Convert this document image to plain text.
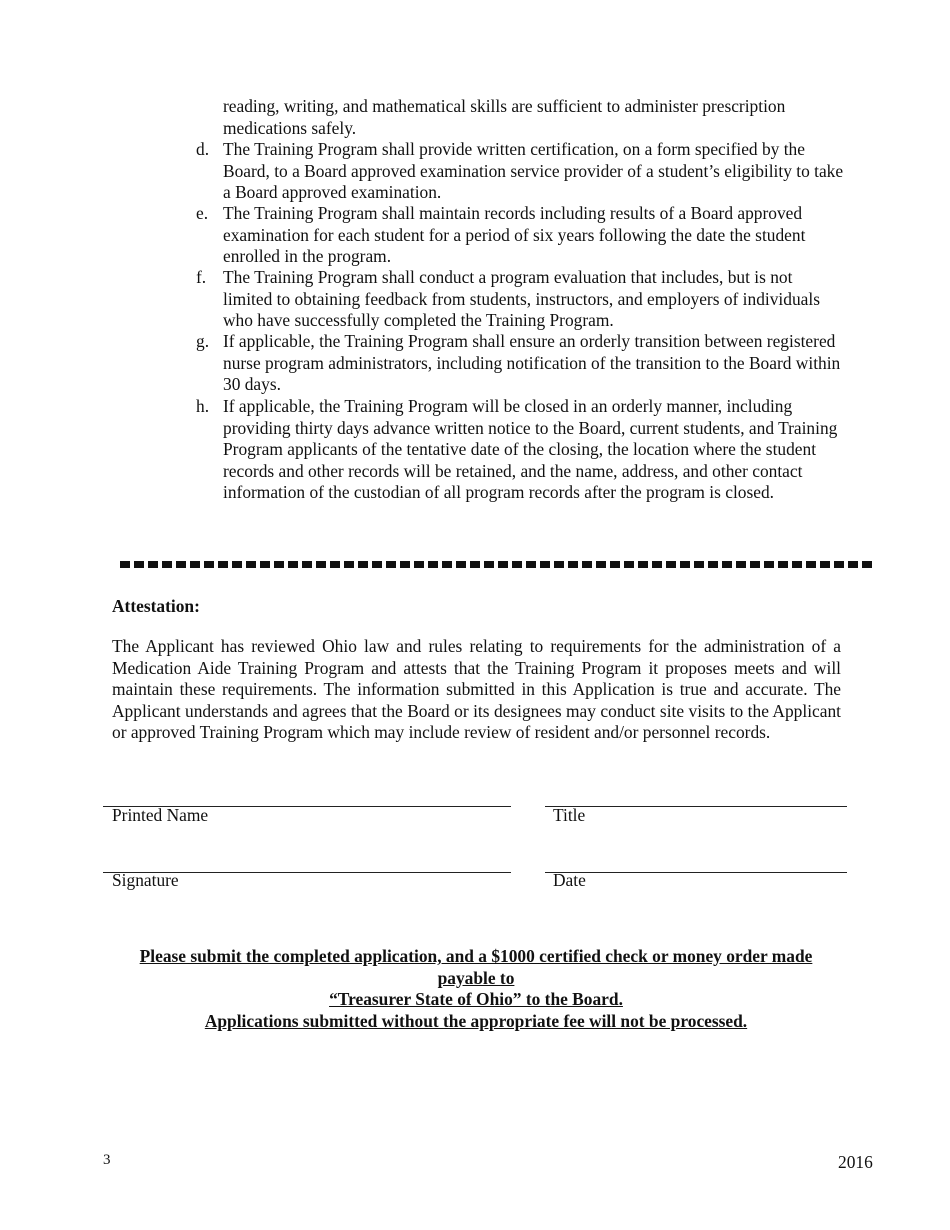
reading, writing, and mathematical skills are sufficient to administer prescription medications safely.
d. The Training Program shall provide written certification, on a form specified by the Board, to a Board approved examination service provider of a student’s eligibility to take a Board approved examination.
e. The Training Program shall maintain records including results of a Board approved examination for each student for a period of six years following the date the student enrolled in the program.
f. The Training Program shall conduct a program evaluation that includes, but is not limited to obtaining feedback from students, instructors, and employers of individuals who have successfully completed the Training Program.
g. If applicable, the Training Program shall ensure an orderly transition between registered nurse program administrators, including notification of the transition to the Board within 30 days.
h. If applicable, the Training Program will be closed in an orderly manner, including providing thirty days advance written notice to the Board, current students, and Training Program applicants of the tentative date of the closing, the location where the student records and other records will be retained, and the name, address, and other contact information of the custodian of all program records after the program is closed.
Attestation:
The Applicant has reviewed Ohio law and rules relating to requirements for the administration of a Medication Aide Training Program and attests that the Training Program it proposes meets and will maintain these requirements. The information submitted in this Application is true and accurate. The Applicant understands and agrees that the Board or its designees may conduct site visits to the Applicant or approved Training Program which may include review of resident and/or personnel records.
Printed Name	Title
Signature	Date
Please submit the completed application, and a $1000 certified check or money order made payable to
“Treasurer State of Ohio” to the Board.
Applications submitted without the appropriate fee will not be processed.
3	2016
